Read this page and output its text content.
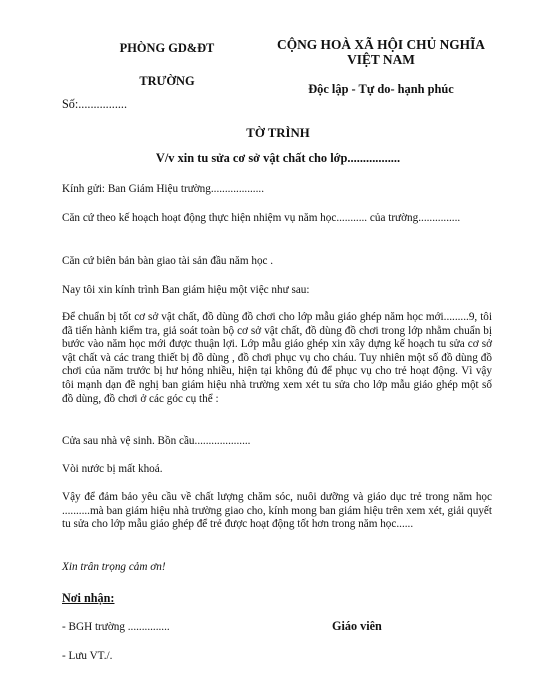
PHÒNG GD&ĐT
TRƯỜNG
CỘNG HOÀ XÃ HỘI CHỦ NGHĨA
VIỆT NAM
Độc lập - Tự do- hạnh phúc
Số:................
TỜ TRÌNH
V/v xin tu sửa cơ sở vật chất cho lớp.................
Kính gửi: Ban Giám Hiệu trường...................
Căn cứ theo kế hoạch hoạt động thực hiện nhiệm vụ năm học........... của trường...............
Căn cứ biên bản bàn giao tài sản đầu năm học .
Nay tôi xin kính trình Ban giám hiệu một việc như sau:
Để chuẩn bị tốt cơ sở vật chất, đồ dùng đồ chơi cho lớp mẫu giáo ghép năm học mới.........9, tôi đã tiến hành kiểm tra, giả soát toàn bộ cơ sở vật chất, đồ dùng đồ chơi trong lớp nhằm chuẩn bị bước vào năm học mới được thuận lợi. Lớp mẫu giáo ghép xin xây dựng kế hoạch tu sửa cơ sở vật chất và các trang thiết bị đồ dùng , đồ chơi phục vụ cho cháu. Tuy nhiên một số đồ dùng đồ chơi của năm trước bị hư hỏng nhiều, hiện tại không đủ để phục vụ cho trẻ hoạt động. Vì vậy tôi mạnh dạn đề nghị ban giám hiệu nhà trường xem xét tu sửa cho lớp mẫu giáo ghép một số đồ dùng, đồ chơi ở các góc cụ thể :
Cửa sau nhà vệ sinh. Bồn cầu....................
Vòi nước bị mất khoá.
Vậy để đảm bảo yêu cầu về chất lượng chăm sóc, nuôi dưỡng và giáo dục trẻ trong năm học ..........mà ban giám hiệu nhà trường giao cho, kính mong ban giám hiệu trên xem xét, giải quyết tu sửa cho lớp mẫu giáo ghép để trẻ được hoạt động tốt hơn trong năm học......
Xin trân trọng cảm ơn!
Nơi nhận:
- BGH trường ...............	Giáo viên
- Lưu VT./.
